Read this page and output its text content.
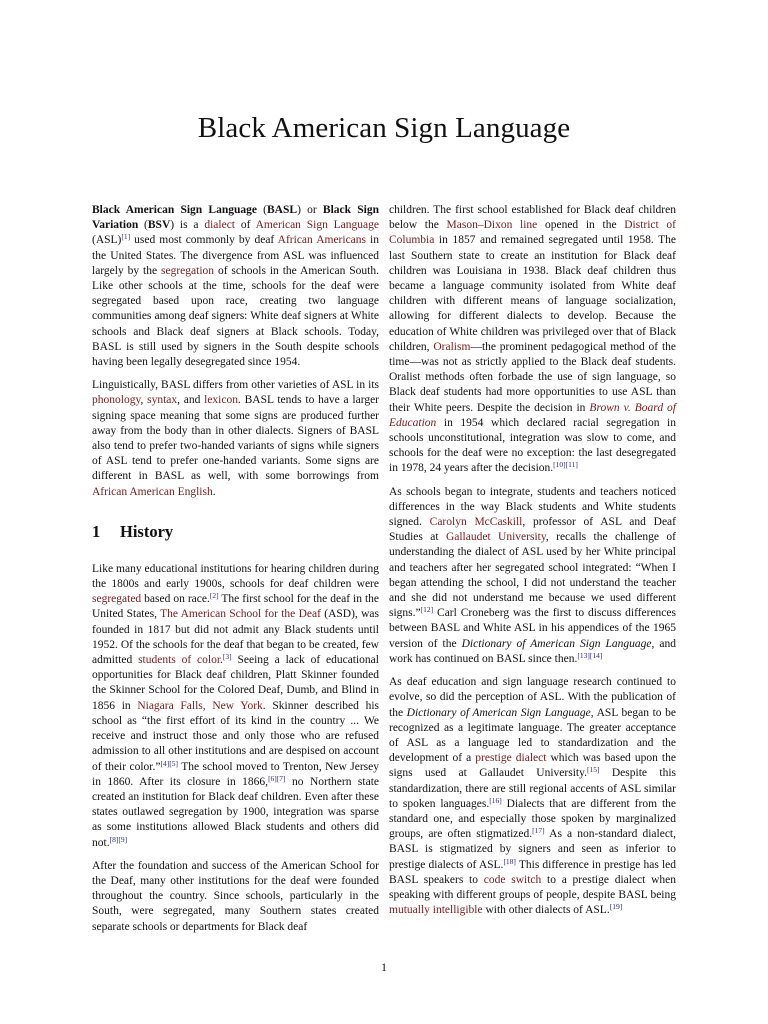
Black American Sign Language

Black American Sign Language (BASL) or Black Sign Variation (BSV) is a dialect of American Sign Language (ASL)[1] used most commonly by deaf African Americans in the United States. The divergence from ASL was influenced largely by the segregation of schools in the American South. Like other schools at the time, schools for the deaf were segregated based upon race, creating two language communities among deaf signers: White deaf signers at White schools and Black deaf signers at Black schools. Today, BASL is still used by signers in the South despite schools having been legally desegregated since 1954.

Linguistically, BASL differs from other varieties of ASL in its phonology, syntax, and lexicon. BASL tends to have a larger signing space meaning that some signs are produced further away from the body than in other dialects. Signers of BASL also tend to prefer two-handed variants of signs while signers of ASL tend to prefer one-handed variants. Some signs are different in BASL as well, with some borrowings from African American English.

1 History

Like many educational institutions for hearing children during the 1800s and early 1900s, schools for deaf children were segregated based on race.[2] The first school for the deaf in the United States, The American School for the Deaf (ASD), was founded in 1817 but did not admit any Black students until 1952. Of the schools for the deaf that began to be created, few admitted students of color.[3] Seeing a lack of educational opportunities for Black deaf children, Platt Skinner founded the Skinner School for the Colored Deaf, Dumb, and Blind in 1856 in Niagara Falls, New York. Skinner described his school as “the first effort of its kind in the country ... We receive and instruct those and only those who are refused admission to all other institutions and are despised on account of their color.”[4][5] The school moved to Trenton, New Jersey in 1860. After its closure in 1866,[6][7] no Northern state created an institution for Black deaf children. Even after these states outlawed segregation by 1900, integration was sparse as some institutions allowed Black students and others did not.[8][9]

After the foundation and success of the American School for the Deaf, many other institutions for the deaf were founded throughout the country. Since schools, particularly in the South, were segregated, many Southern states created separate schools or departments for Black deaf

children. The first school established for Black deaf children below the Mason–Dixon line opened in the District of Columbia in 1857 and remained segregated until 1958. The last Southern state to create an institution for Black deaf children was Louisiana in 1938. Black deaf children thus became a language community isolated from White deaf children with different means of language socialization, allowing for different dialects to develop. Because the education of White children was privileged over that of Black children, Oralism—the prominent pedagogical method of the time—was not as strictly applied to the Black deaf students. Oralist methods often forbade the use of sign language, so Black deaf students had more opportunities to use ASL than their White peers. Despite the decision in Brown v. Board of Education in 1954 which declared racial segregation in schools unconstitutional, integration was slow to come, and schools for the deaf were no exception: the last desegregated in 1978, 24 years after the decision.[10][11]

As schools began to integrate, students and teachers noticed differences in the way Black students and White students signed. Carolyn McCaskill, professor of ASL and Deaf Studies at Gallaudet University, recalls the challenge of understanding the dialect of ASL used by her White principal and teachers after her segregated school integrated: “When I began attending the school, I did not understand the teacher and she did not understand me because we used different signs.”[12] Carl Croneberg was the first to discuss differences between BASL and White ASL in his appendices of the 1965 version of the Dictionary of American Sign Language, and work has continued on BASL since then.[13][14]

As deaf education and sign language research continued to evolve, so did the perception of ASL. With the publication of the Dictionary of American Sign Language, ASL began to be recognized as a legitimate language. The greater acceptance of ASL as a language led to standardization and the development of a prestige dialect which was based upon the signs used at Gallaudet University.[15] Despite this standardization, there are still regional accents of ASL similar to spoken languages.[16] Dialects that are different from the standard one, and especially those spoken by marginalized groups, are often stigmatized.[17] As a non-standard dialect, BASL is stigmatized by signers and seen as inferior to prestige dialects of ASL.[18] This difference in prestige has led BASL speakers to code switch to a prestige dialect when speaking with different groups of people, despite BASL being mutually intelligible with other dialects of ASL.[19]

1
